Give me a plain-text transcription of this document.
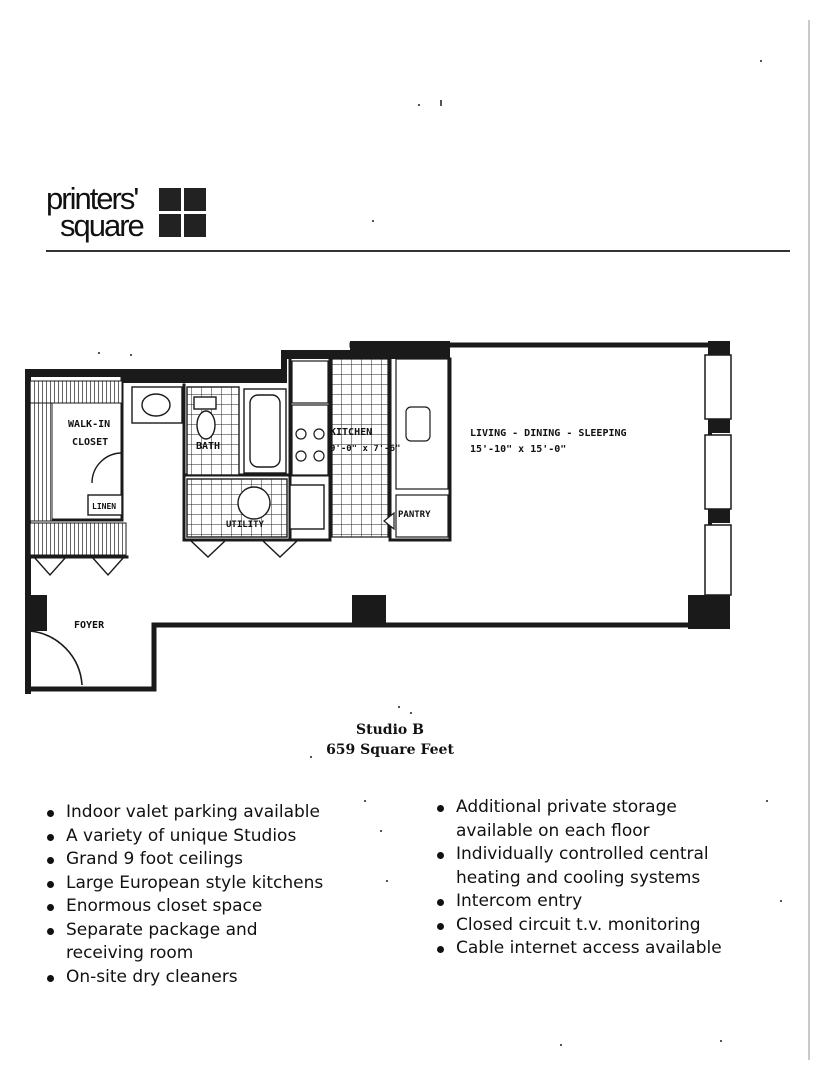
printers'
square
WALK-IN
CLOSET
LINEN
BATH
UTILITY
KITCHEN
9'-0" x 7'-6"
PANTRY
LIVING - DINING - SLEEPING
15'-10" x 15'-0"
FOYER
Studio B
659 Square Feet
Indoor valet parking available
A variety of unique Studios
Grand 9 foot ceilings
Large European style kitchens
Enormous closet space
Separate package and receiving room
On-site dry cleaners
Additional private storage available on each floor
Individually controlled central heating and cooling systems
Intercom entry
Closed circuit t.v. monitoring
Cable internet access available
